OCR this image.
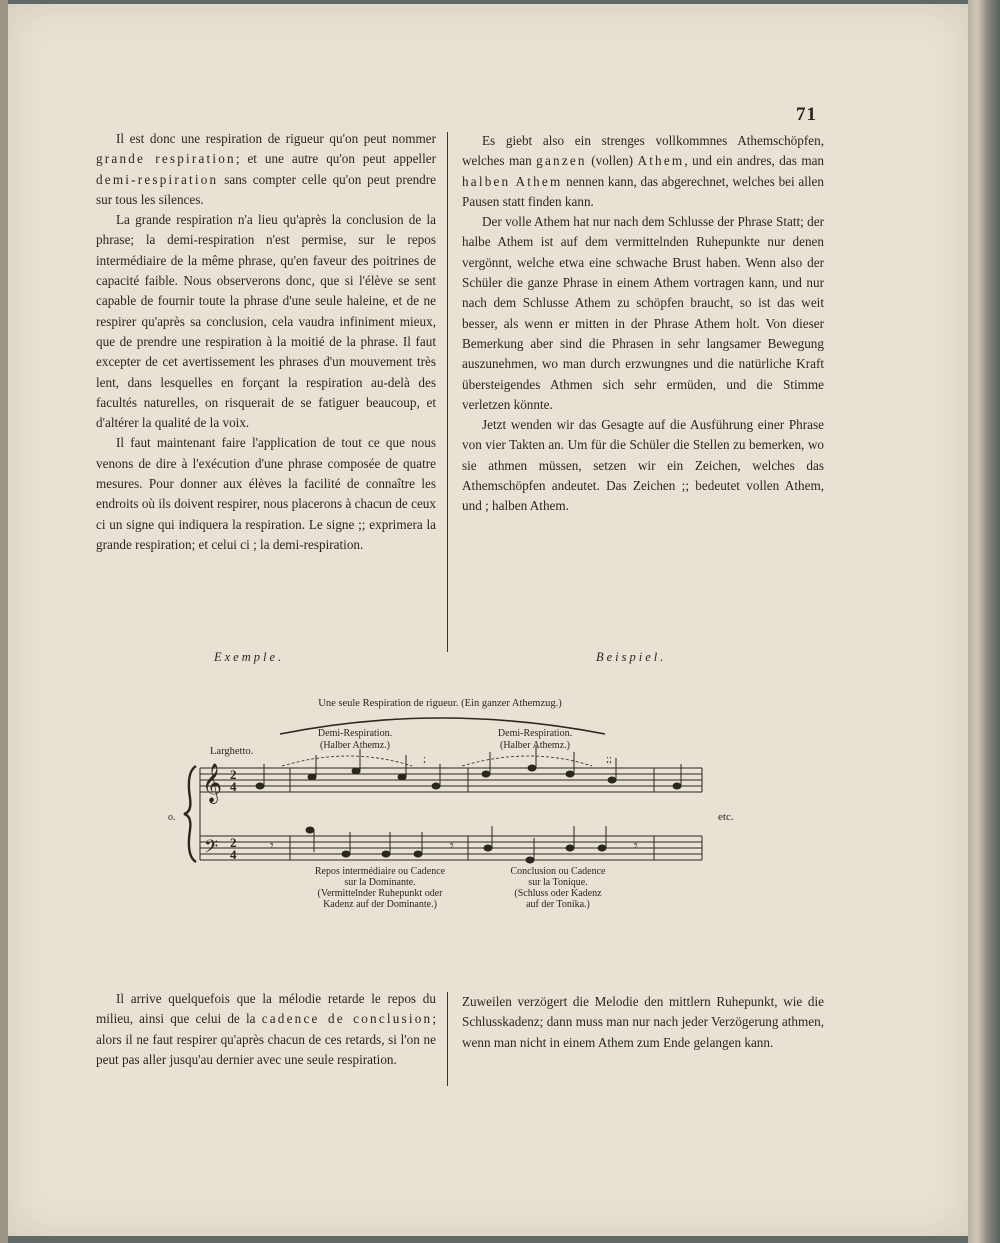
71

Il est donc une respiration de rigueur qu'on peut nommer grande respiration; et une autre qu'on peut appeller demi-respiration sans compter celle qu'on peut prendre sur tous les silences.

La grande respiration n'a lieu qu'après la conclusion de la phrase; la demi-respiration n'est permise, sur le repos intermédiaire de la même phrase, qu'en faveur des poitrines de capacité faible. Nous observerons donc, que si l'élève se sent capable de fournir toute la phrase d'une seule haleine, et de ne respirer qu'après sa conclusion, cela vaudra infiniment mieux, que de prendre une respiration à la moitié de la phrase. Il faut excepter de cet avertissement les phrases d'un mouvement très lent, dans lesquelles en forçant la respiration au-delà des facultés naturelles, on risquerait de se fatiguer beaucoup, et d'altérer la qualité de la voix.

Il faut maintenant faire l'application de tout ce que nous venons de dire à l'exécution d'une phrase composée de quatre mesures. Pour donner aux élèves la facilité de connaître les endroits où ils doivent respirer, nous placerons à chacun de ceux ci un signe qui indiquera la respiration. Le signe ;; exprimera la grande respiration; et celui ci ; la demi-respiration.

Es giebt also ein strenges vollkommnes Athemschöpfen, welches man ganzen (vollen) Athem, und ein andres, das man halben Athem nennen kann, das abgerechnet, welches bei allen Pausen statt finden kann.

Der volle Athem hat nur nach dem Schlusse der Phrase Statt; der halbe Athem ist auf dem vermittelnden Ruhepunkte nur denen vergönnt, welche etwa eine schwache Brust haben. Wenn also der Schüler die ganze Phrase in einem Athem vortragen kann, und nur nach dem Schlusse Athem zu schöpfen braucht, so ist das weit besser, als wenn er mitten in der Phrase Athem holt. Von dieser Bemerkung aber sind die Phrasen in sehr langsamer Bewegung auszunehmen, wo man durch erzwungnes und die natürliche Kraft übersteigendes Athmen sich sehr ermüden, und die Stimme verletzen könnte.

Jetzt wenden wir das Gesagte auf die Ausführung einer Phrase von vier Takten an. Um für die Schüler die Stellen zu bemerken, wo sie athmen müssen, setzen wir ein Zeichen, welches das Athemschöpfen andeutet. Das Zeichen ;; bedeutet vollen Athem, und ; halben Athem.

Exemple.	Beispiel.
Une seule Respiration de rigueur. (Ein ganzer Athemzug.)
Demi-Respiration.
(Halber Athemz.)
Demi-Respiration.
(Halber Athemz.)
Larghetto.
;	;;
o.
𝄞
𝄢
2
4
2
4
𝄾	𝄾	𝄾
etc.
Repos intermédiaire ou Cadence
sur la Dominante.
(Vermittelnder Ruhepunkt oder
Kadenz auf der Dominante.)
Conclusion ou Cadence
sur la Tonique.
(Schluss oder Kadenz
auf der Tonika.)

Il arrive quelquefois que la mélodie retarde le repos du milieu, ainsi que celui de la cadence de conclusion; alors il ne faut respirer qu'après chacun de ces retards, si l'on ne peut pas aller jusqu'au dernier avec une seule respiration.

Zuweilen verzögert die Melodie den mittlern Ruhepunkt, wie die Schlusskadenz; dann muss man nur nach jeder Verzögerung athmen, wenn man nicht in einem Athem zum Ende gelangen kann.
